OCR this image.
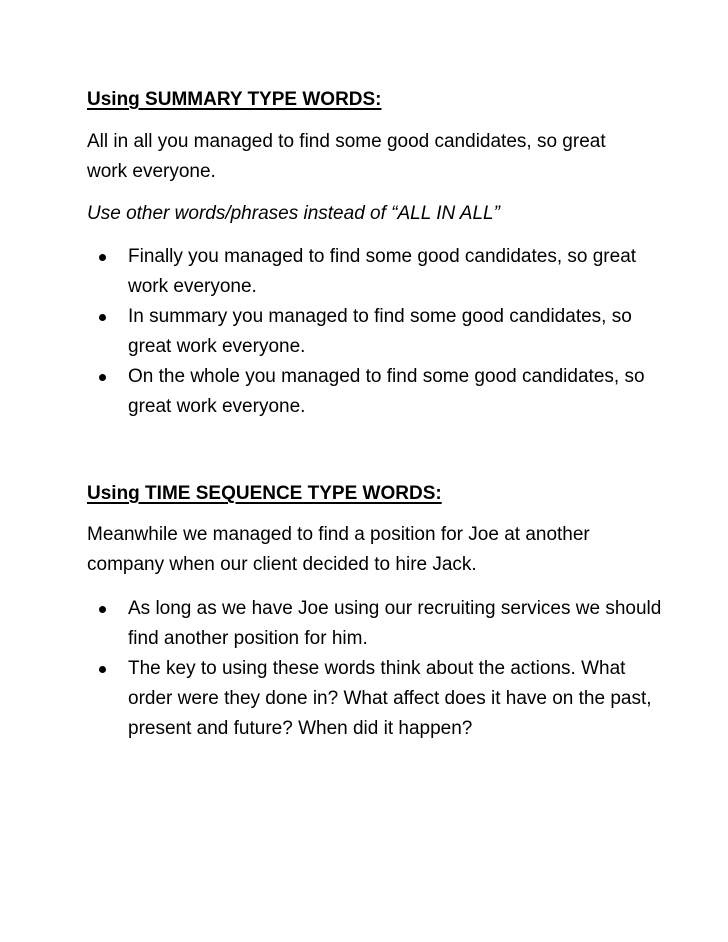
Using SUMMARY TYPE WORDS:
All in all you managed to find some good candidates, so great work everyone.
Use other words/phrases instead of “ALL IN ALL”
Finally you managed to find some good candidates, so great work everyone.
In summary you managed to find some good candidates, so great work everyone.
On the whole you managed to find some good candidates, so great work everyone.
Using TIME SEQUENCE TYPE WORDS:
Meanwhile we managed to find a position for Joe at another company when our client decided to hire Jack.
As long as we have Joe using our recruiting services we should find another position for him.
The key to using these words think about the actions. What order were they done in? What affect does it have on the past, present and future? When did it happen?
